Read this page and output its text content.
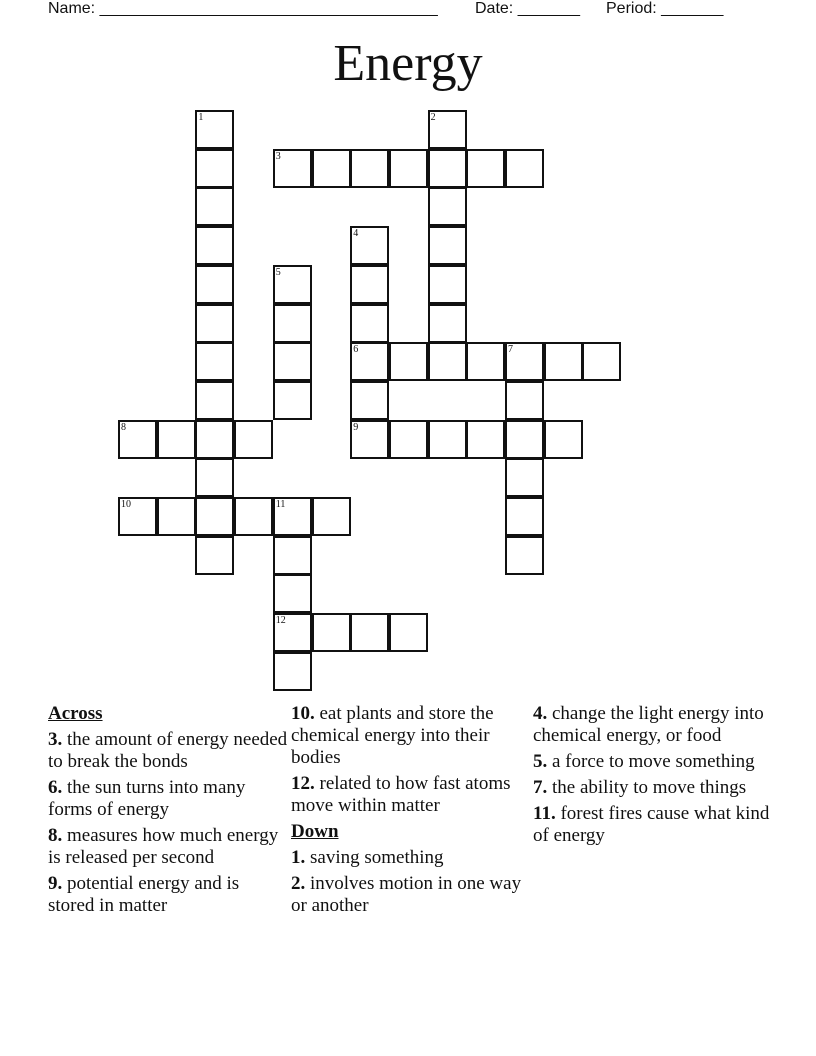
Name: ______________________________________ Date: _______ Period: _______
Energy
3
6	7
8	9
10	11
12
1	2
4
5
Across
3. the amount of energy needed to break the bonds
6. the sun turns into many forms of energy
8. measures how much energy is released per second
9. potential energy and is stored in matter
10. eat plants and store the chemical energy into their bodies
12. related to how fast atoms move within matter
Down
1. saving something
2. involves motion in one way or another
4. change the light energy into chemical energy, or food
5. a force to move something
7. the ability to move things
11. forest fires cause what kind of energy
